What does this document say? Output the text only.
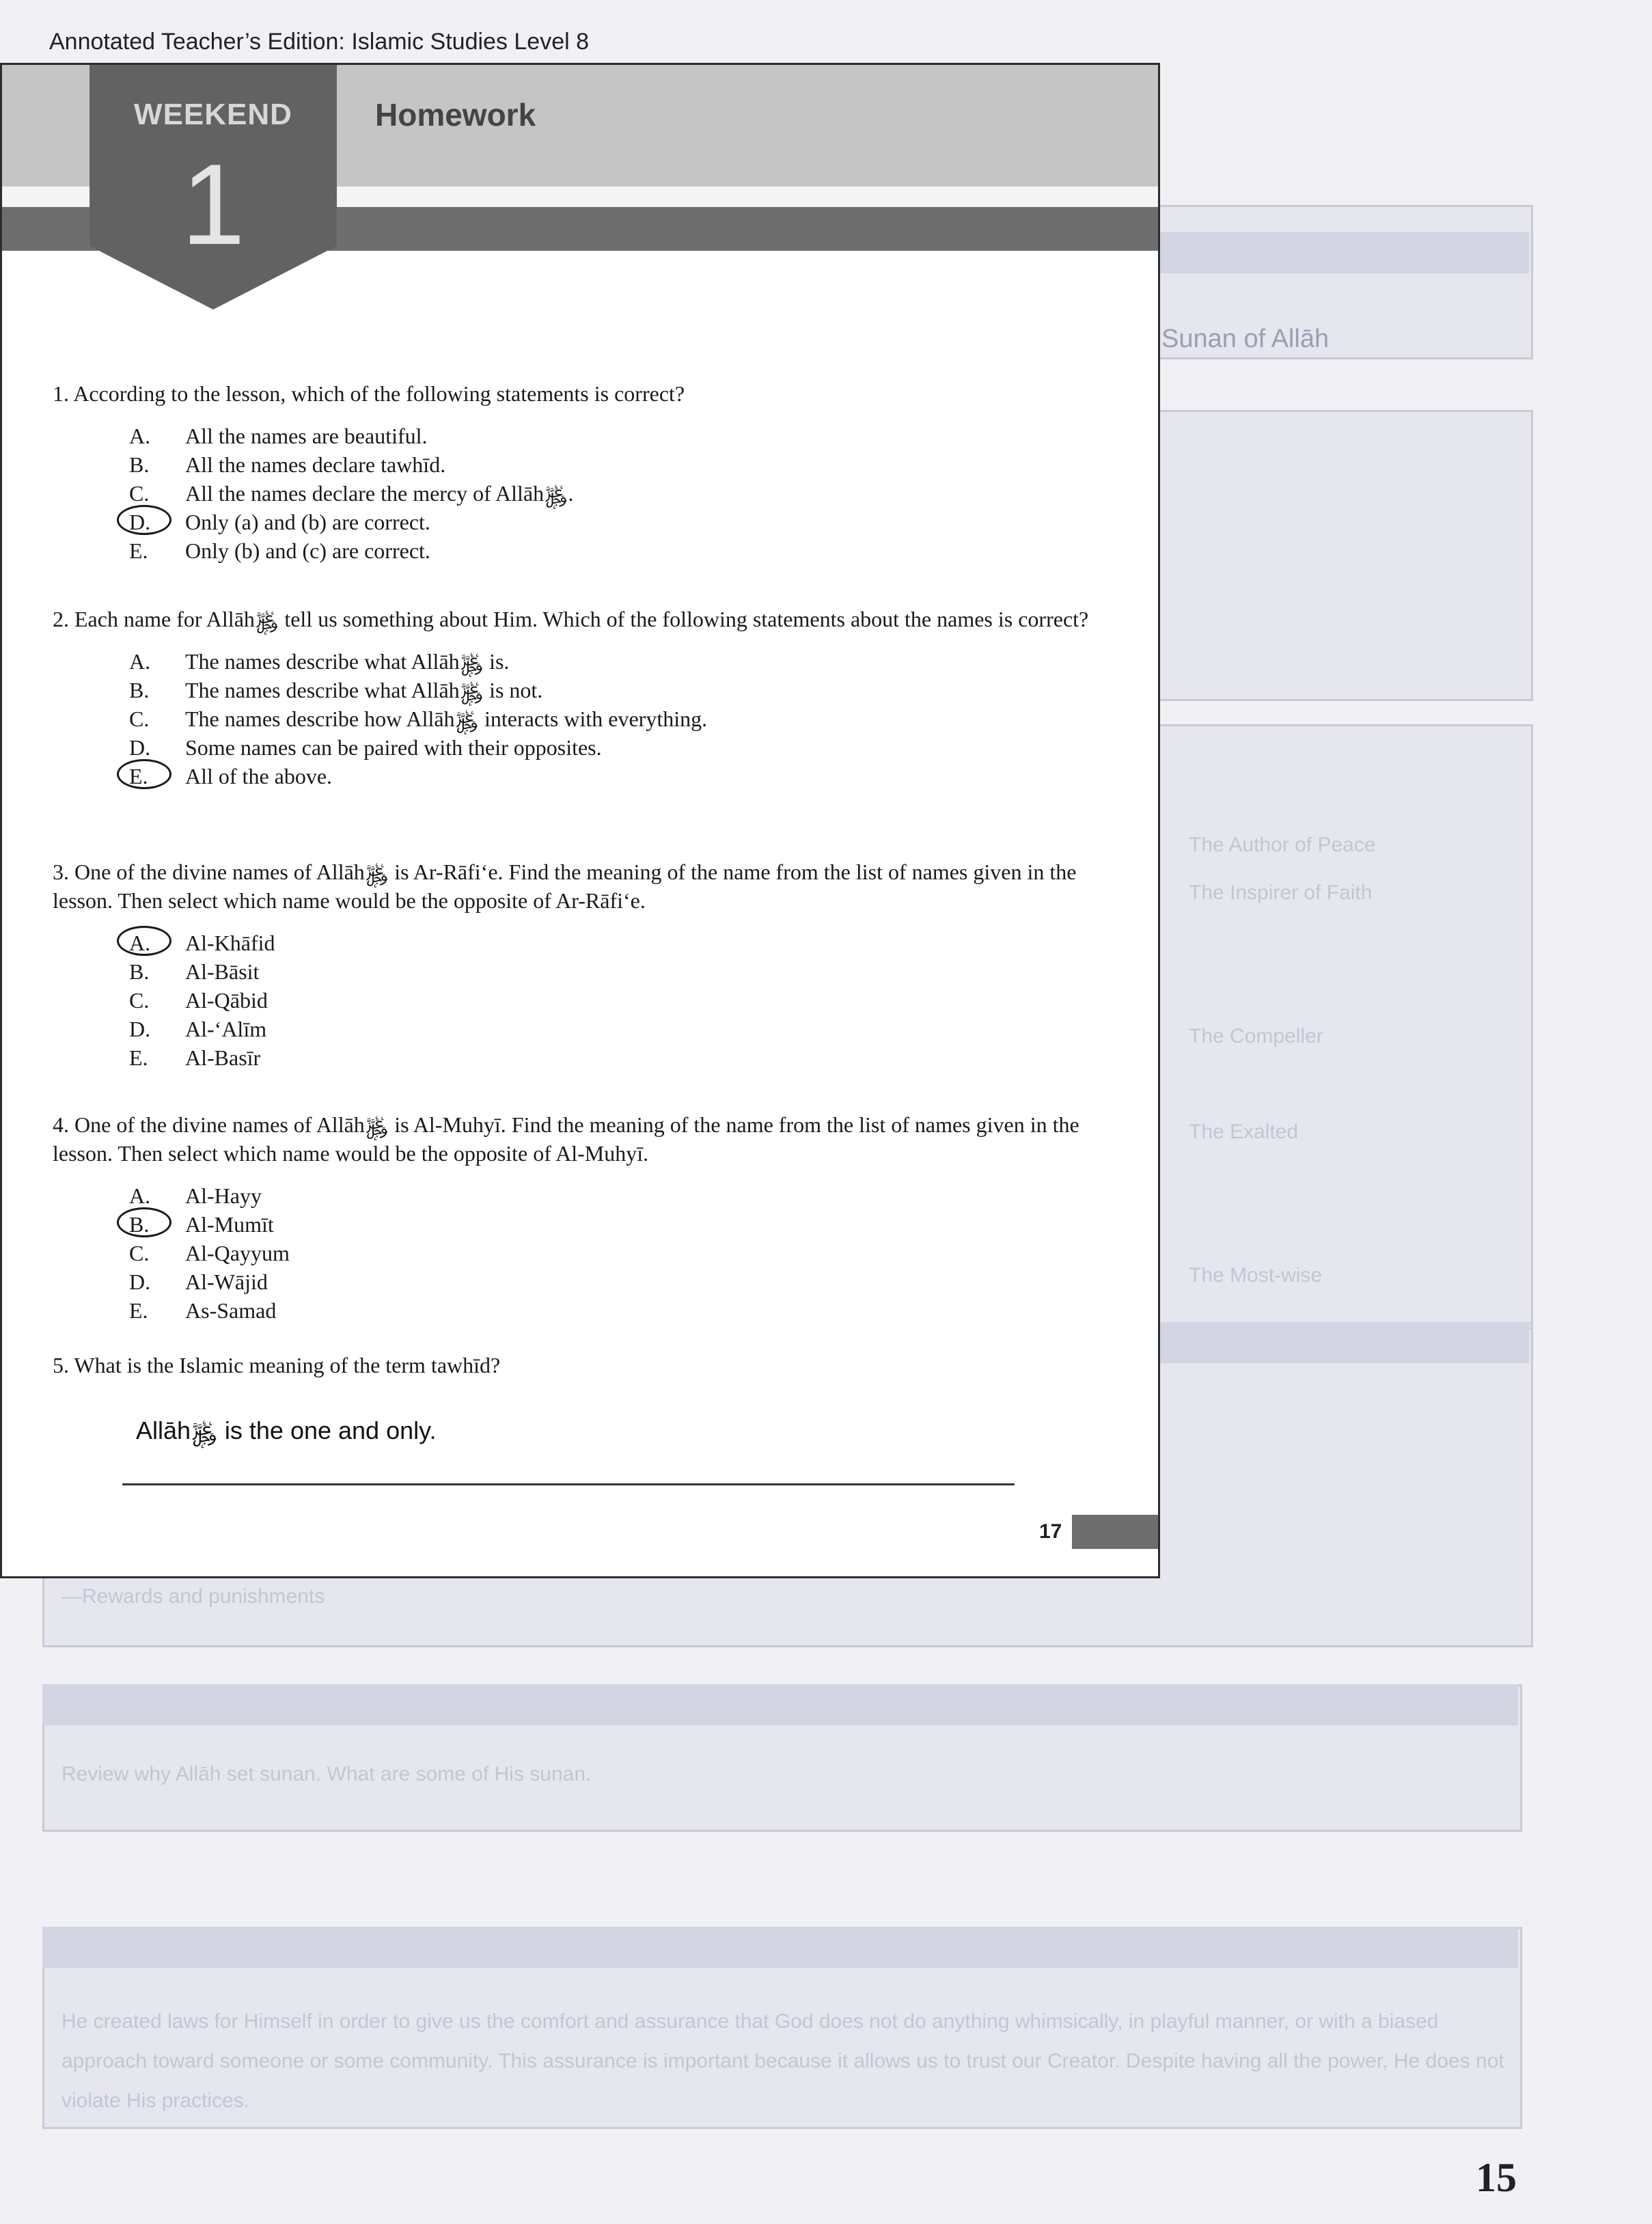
Sunan of Allāh
The Author of Peace
The Inspirer of Faith
The Compeller
The Exalted
The Most-wise
—Rewards and punishments
Review why Allāh set sunan. What are some of His sunan.
He created laws for Himself in order to give us the comfort and assurance that God does not do anything whimsically, in playful manner, or with a biased approach toward someone or some community. This assurance is important because it allows us to trust our Creator. Despite having all the power, He does not violate His practices.
Annotated Teacher’s Edition: Islamic Studies Level 8
WEEKEND
1
Homework

1. According to the lesson, which of the following statements is correct?

A. All the names are beautiful.
B. All the names declare tawhīd.
C. All the names declare the mercy of Allāh﷿.
D. Only (a) and (b) are correct.
E. Only (b) and (c) are correct.

2. Each name for Allāh﷿ tell us something about Him. Which of the following statements about the names is correct?

A. The names describe what Allāh﷿ is.
B. The names describe what Allāh﷿ is not.
C. The names describe how Allāh﷿ interacts with everything.
D. Some names can be paired with their opposites.
E. All of the above.

3. One of the divine names of Allāh﷿ is Ar-Rāfi‘e. Find the meaning of the name from the list of names given in the lesson. Then select which name would be the opposite of Ar-Rāfi‘e.

A. Al-Khāfid
B. Al-Bāsit
C. Al-Qābid
D. Al-‘Alīm
E. Al-Basīr

4. One of the divine names of Allāh﷿ is Al-Muhyī. Find the meaning of the name from the list of names given in the lesson. Then select which name would be the opposite of Al-Muhyī.

A. Al-Hayy
B. Al-Mumīt
C. Al-Qayyum
D. Al-Wājid
E. As-Samad

5. What is the Islamic meaning of the term tawhīd?

Allāh﷿ is the one and only.
17
15
